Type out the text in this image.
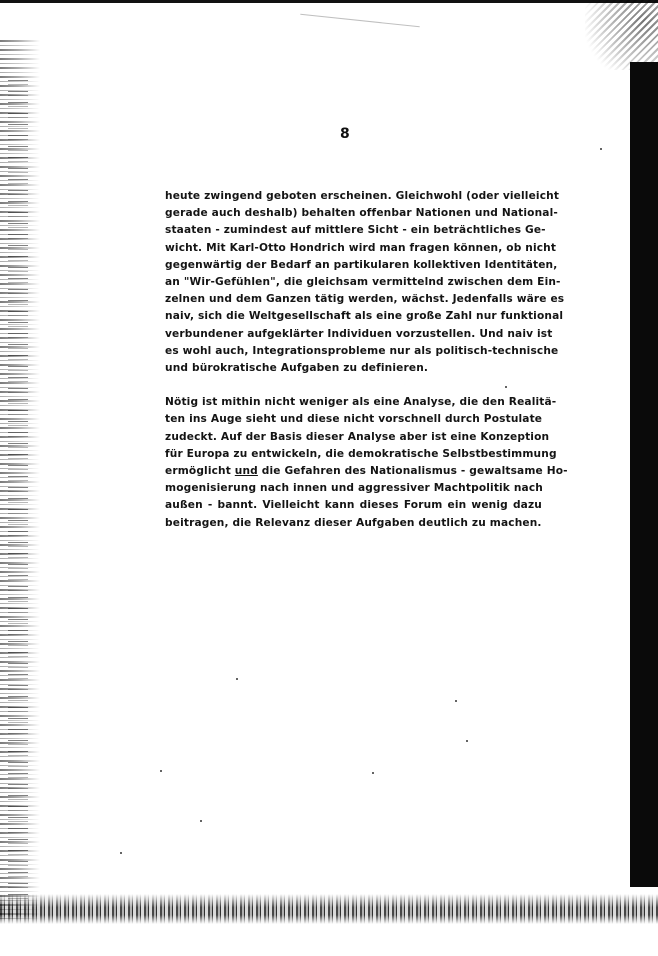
8
heute zwingend geboten erscheinen. Gleichwohl (oder vielleicht
gerade auch deshalb) behalten offenbar Nationen und National-
staaten - zumindest auf mittlere Sicht - ein beträchtliches Ge-
wicht. Mit Karl-Otto Hondrich wird man fragen können, ob nicht
gegenwärtig der Bedarf an partikularen kollektiven Identitäten,
an "Wir-Gefühlen", die gleichsam vermittelnd zwischen dem Ein-
zelnen und dem Ganzen tätig werden, wächst. Jedenfalls wäre es
naiv, sich die Weltgesellschaft als eine große Zahl nur funktional
verbundener aufgeklärter Individuen vorzustellen. Und naiv ist
es wohl auch, Integrationsprobleme nur als politisch-technische
und bürokratische Aufgaben zu definieren.
Nötig ist mithin nicht weniger als eine Analyse, die den Realitä-
ten ins Auge sieht und diese nicht vorschnell durch Postulate
zudeckt. Auf der Basis dieser Analyse aber ist eine Konzeption
für Europa zu entwickeln, die demokratische Selbstbestimmung
ermöglicht und die Gefahren des Nationalismus - gewaltsame Ho-
mogenisierung nach innen und aggressiver Machtpolitik nach
außen - bannt. Vielleicht kann dieses Forum ein wenig dazu
beitragen, die Relevanz dieser Aufgaben deutlich zu machen.
